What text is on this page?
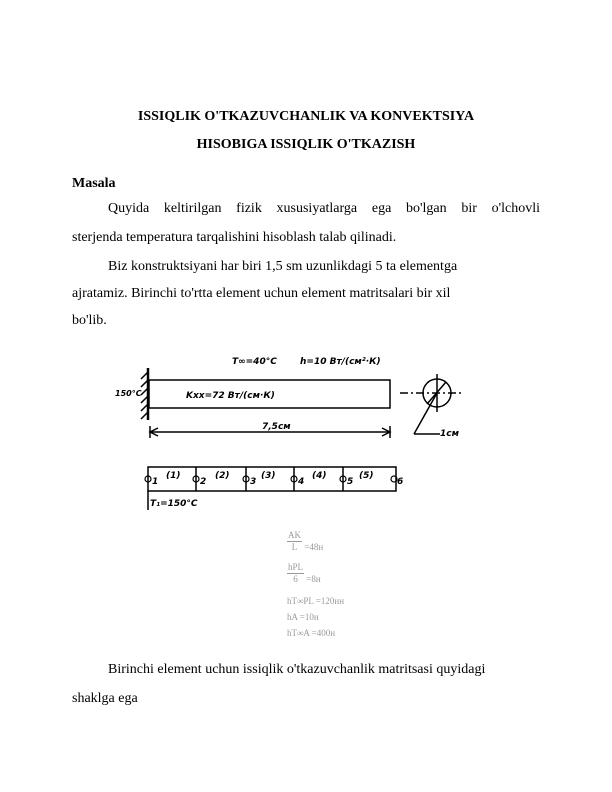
ISSIQLIK O'TKAZUVCHANLIK VA KONVEKTSIYA
HISOBIGA ISSIQLIK O'TKAZISH
Masala
Quyida keltirilgan fizik xususiyatlarga ega bo'lgan bir o'lchovli
sterjenda temperatura tarqalishini hisoblash talab qilinadi.
Biz konstruktsiyani har biri 1,5 sm uzunlikdagi 5 ta elementga
ajratamiz. Birinchi to'rtta element uchun element matritsalari bir xil
bo'lib.
T∞=40°C	h=10 Вт/(см²·К)
150°C	Kxx=72 Вт/(см·К)
7,5см
1см
(1)	(2)	(3)	(4)	(5)
1	2	3	4	5	6
T₁=150°C
$\frac{AK}{L} =48н$
$\frac{\text{hPL}}{6} =8н$
hT∞PL =120нн
hA =10н
hT∞A =400н
Birinchi element uchun issiqlik o'tkazuvchanlik matritsasi quyidagi
shaklga ega
